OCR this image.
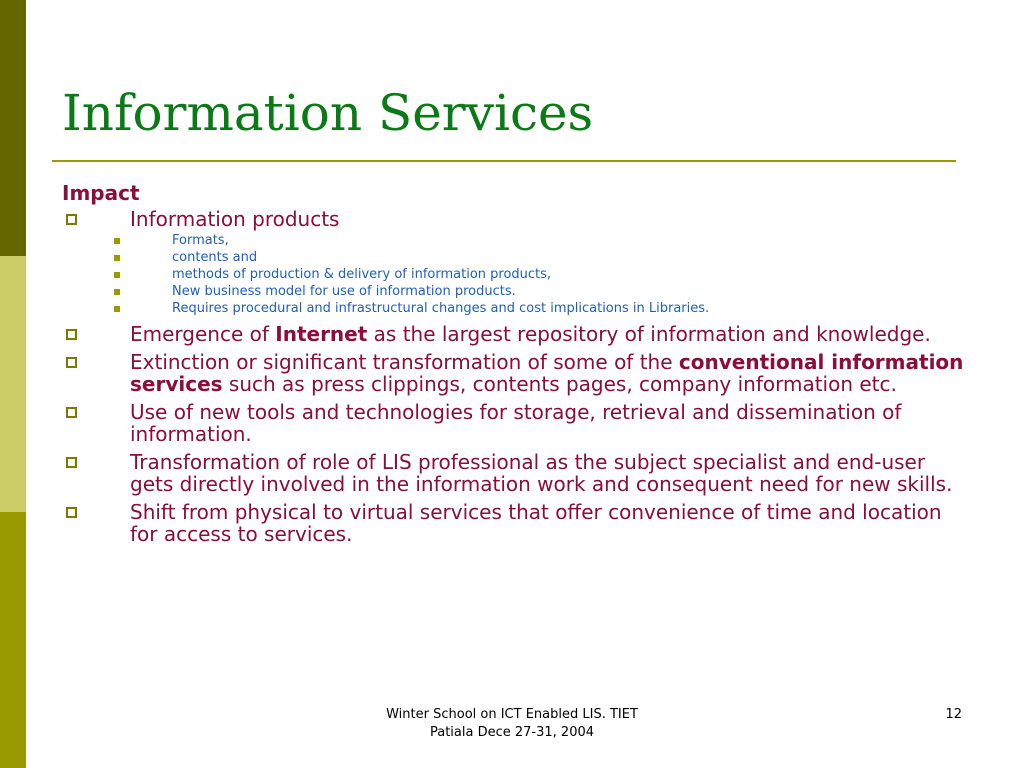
Information Services
Impact
Information products
Formats,
contents and
methods of production & delivery of information products,
New business model for use of information products.
Requires procedural and infrastructural changes and cost implications in Libraries.
Emergence of Internet as the largest repository of information and knowledge.
Extinction or significant transformation of some of the conventional information services such as press clippings, contents pages, company information etc.
Use of new tools and technologies for storage, retrieval and dissemination of information.
Transformation of role of LIS professional as the subject specialist and end-user gets directly involved in the information work and consequent need for new skills.
Shift from physical to virtual services that offer convenience of time and location for access to services.
Winter School on ICT Enabled LIS. TIET
Patiala Dece 27-31, 2004
12
